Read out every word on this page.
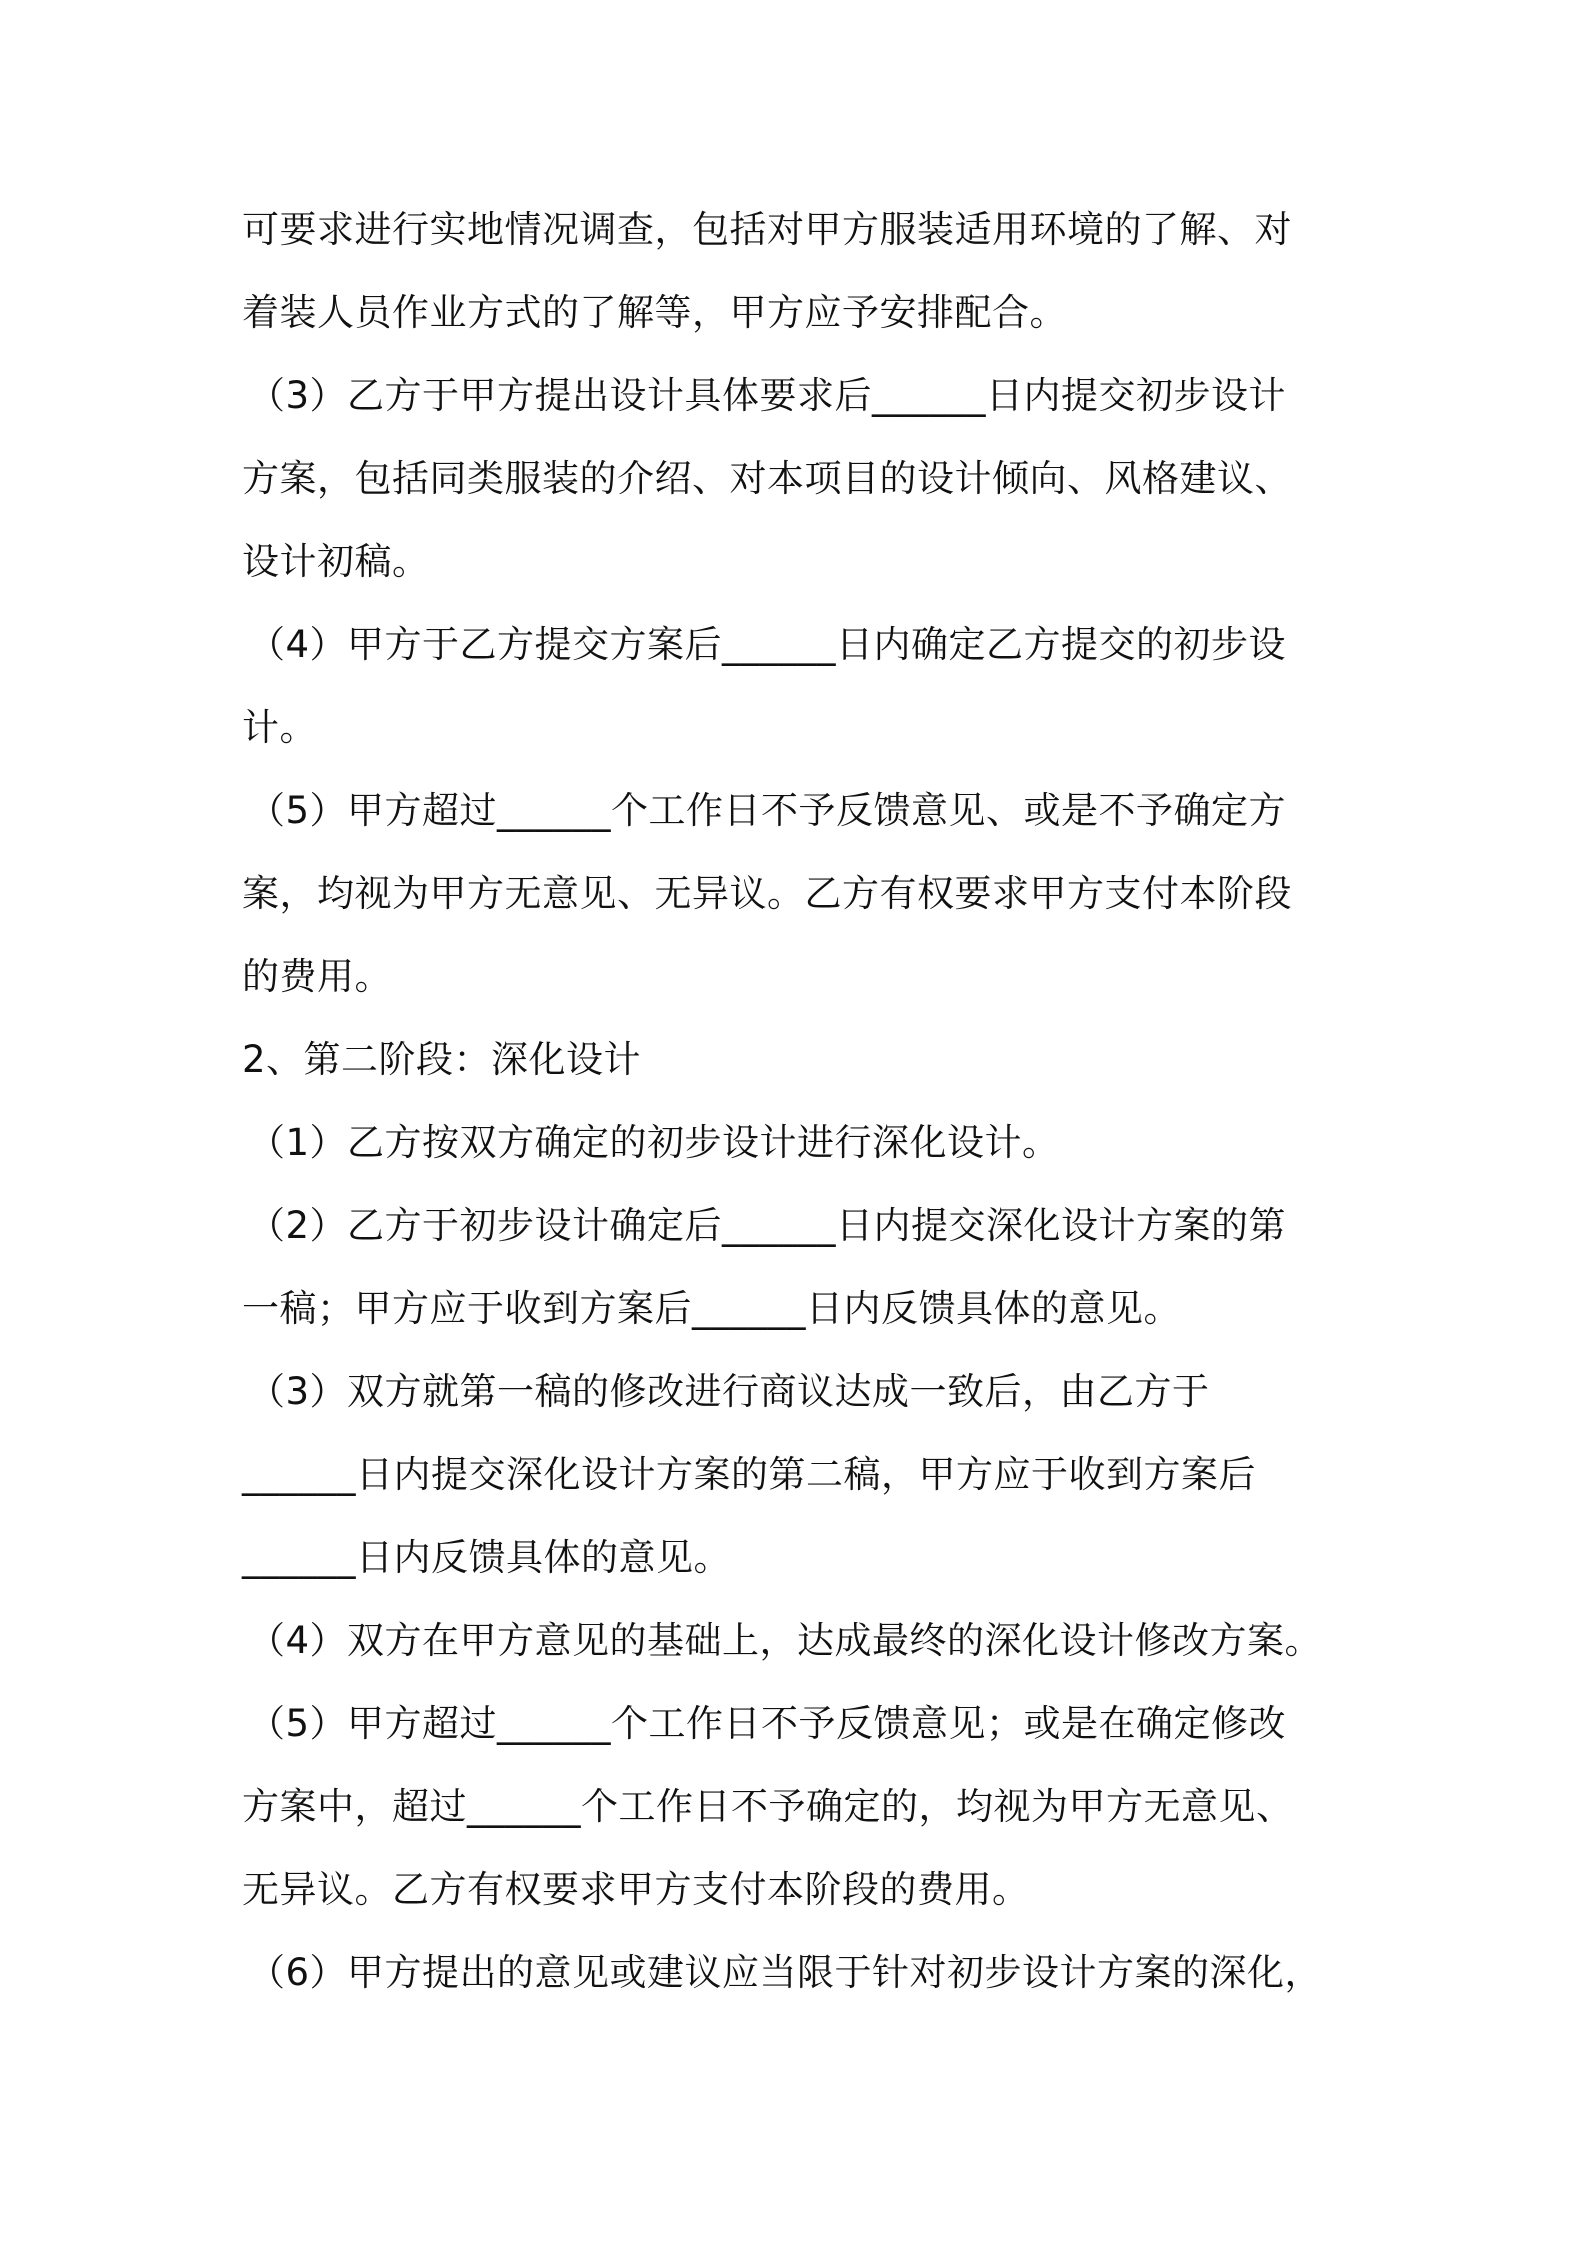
可要求进行实地情况调查，包括对甲方服装适用环境的了解、对
着装人员作业方式的了解等，甲方应予安排配合。
（3）乙方于甲方提出设计具体要求后______日内提交初步设计
方案，包括同类服装的介绍、对本项目的设计倾向、风格建议、
设计初稿。
（4）甲方于乙方提交方案后______日内确定乙方提交的初步设
计。
（5）甲方超过______个工作日不予反馈意见、或是不予确定方
案，均视为甲方无意见、无异议。乙方有权要求甲方支付本阶段
的费用。
2、第二阶段：深化设计
（1）乙方按双方确定的初步设计进行深化设计。
（2）乙方于初步设计确定后______日内提交深化设计方案的第
一稿；甲方应于收到方案后______日内反馈具体的意见。
（3）双方就第一稿的修改进行商议达成一致后，由乙方于
______日内提交深化设计方案的第二稿，甲方应于收到方案后
______日内反馈具体的意见。
（4）双方在甲方意见的基础上，达成最终的深化设计修改方案。
（5）甲方超过______个工作日不予反馈意见；或是在确定修改
方案中，超过______个工作日不予确定的，均视为甲方无意见、
无异议。乙方有权要求甲方支付本阶段的费用。
（6）甲方提出的意见或建议应当限于针对初步设计方案的深化，
